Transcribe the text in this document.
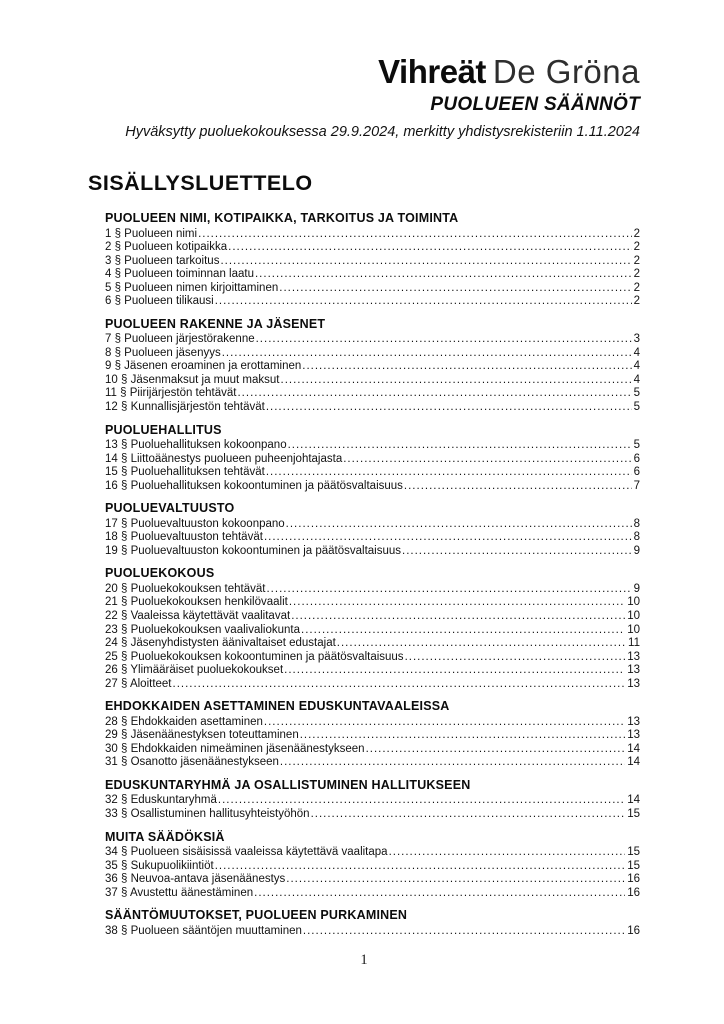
Vihreät De Gröna
PUOLUEEN SÄÄNNÖT
Hyväksytty puoluekokouksessa 29.9.2024, merkitty yhdistysrekisteriin 1.11.2024
SISÄLLYSLUETTELO
PUOLUEEN NIMI, KOTIPAIKKA, TARKOITUS JA TOIMINTA
1 § Puolueen nimi .....	2
2 § Puolueen kotipaikka .....	2
3 § Puolueen tarkoitus .....	2
4 § Puolueen toiminnan laatu .....	2
5 § Puolueen nimen kirjoittaminen .....	2
6 § Puolueen tilikausi .....	2
PUOLUEEN RAKENNE JA JÄSENET
7 § Puolueen järjestörakenne .....	3
8 § Puolueen jäsenyys .....	4
9 § Jäsenen eroaminen ja erottaminen .....	4
10 § Jäsenmaksut ja muut maksut .....	4
11 § Piirijärjestön tehtävät .....	5
12 § Kunnallisjärjestön tehtävät .....	5
PUOLUEHALLITUS
13 § Puoluehallituksen kokoonpano .....	5
14 § Liittoäänestys puolueen puheenjohtajasta .....	6
15 § Puoluehallituksen tehtävät .....	6
16 § Puoluehallituksen kokoontuminen ja päätösvaltaisuus .....	7
PUOLUEVALTUUSTO
17 § Puoluevaltuuston kokoonpano .....	8
18 § Puoluevaltuuston tehtävät .....	8
19 § Puoluevaltuuston kokoontuminen ja päätösvaltaisuus .....	9
PUOLUEKOKOUS
20 § Puoluekokouksen tehtävät .....	9
21 § Puoluekokouksen henkilövaalit .....	10
22 § Vaaleissa käytettävät vaalitavat .....	10
23 § Puoluekokouksen vaalivaliokunta .....	10
24 § Jäsenyhdistysten äänivaltaiset edustajat .....	11
25 § Puoluekokouksen kokoontuminen ja päätösvaltaisuus .....	13
26 § Ylimääräiset puoluekokoukset .....	13
27 § Aloitteet .....	13
EHDOKKAIDEN ASETTAMINEN EDUSKUNTAVAALEISSA
28 § Ehdokkaiden asettaminen .....	13
29 § Jäsenäänestyksen toteuttaminen .....	13
30 § Ehdokkaiden nimeäminen jäsenäänestykseen .....	14
31 § Osanotto jäsenäänestykseen .....	14
EDUSKUNTARYHMÄ JA OSALLISTUMINEN HALLITUKSEEN
32 § Eduskuntaryhmä .....	14
33 § Osallistuminen hallitusyhteistyöhön .....	15
MUITA SÄÄDÖKSIÄ
34 § Puolueen sisäisissä vaaleissa käytettävä vaalitapa .....	15
35 § Sukupuolikiintiöt .....	15
36 § Neuvoa-antava jäsenäänestys .....	16
37 § Avustettu äänestäminen .....	16
SÄÄNTÖMUUTOKSET, PUOLUEEN PURKAMINEN
38 § Puolueen sääntöjen muuttaminen .....	16
1
